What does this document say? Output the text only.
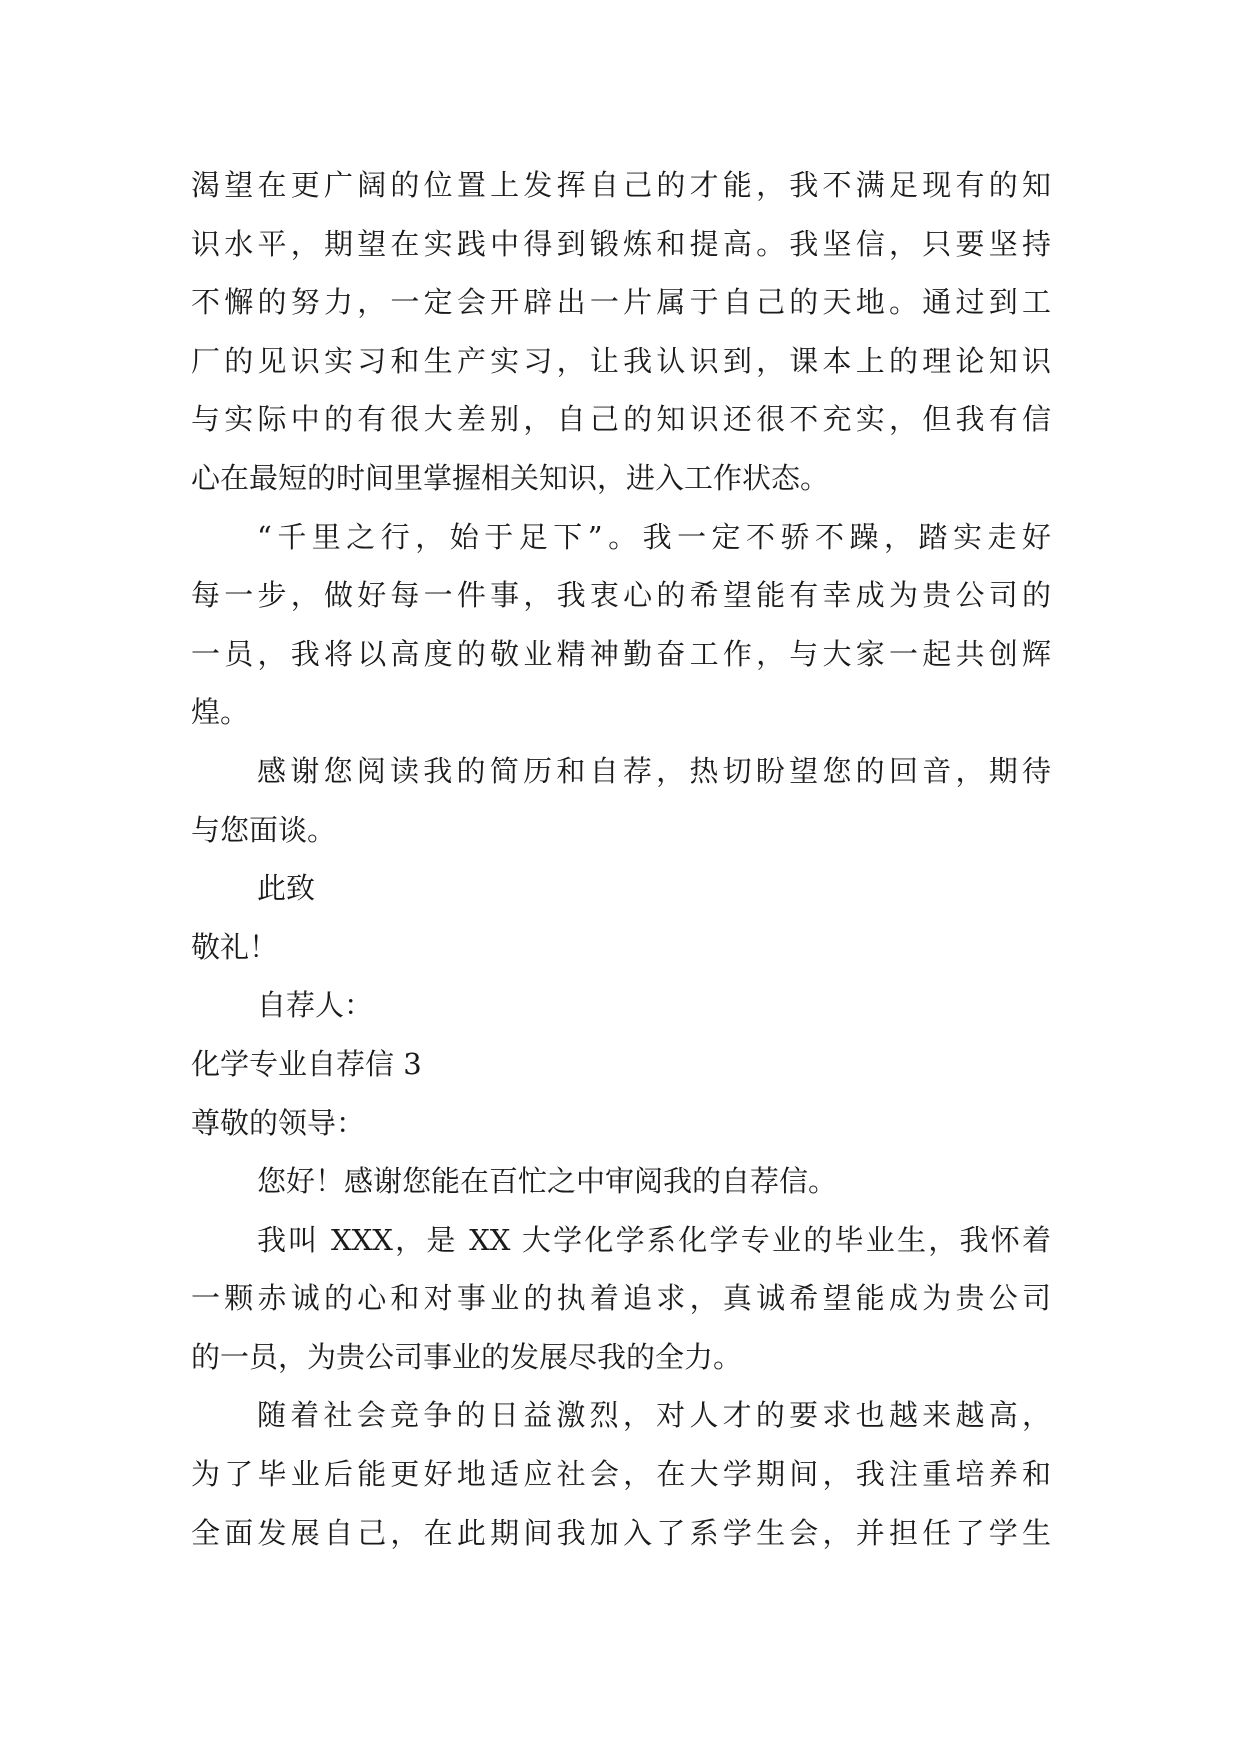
渴望在更广阔的位置上发挥自己的才能，我不满足现有的知
识水平，期望在实践中得到锻炼和提高。我坚信，只要坚持
不懈的努力，一定会开辟出一片属于自己的天地。通过到工
厂的见识实习和生产实习，让我认识到，课本上的理论知识
与实际中的有很大差别，自己的知识还很不充实，但我有信
心在最短的时间里掌握相关知识，进入工作状态。
“千里之行，始于足下”。我一定不骄不躁，踏实走好
每一步，做好每一件事，我衷心的希望能有幸成为贵公司的
一员，我将以高度的敬业精神勤奋工作，与大家一起共创辉
煌。
感谢您阅读我的简历和自荐，热切盼望您的回音，期待
与您面谈。
此致
敬礼！
自荐人：
化学专业自荐信 3
尊敬的领导：
您好！感谢您能在百忙之中审阅我的自荐信。
我叫 XXX，是 XX 大学化学系化学专业的毕业生，我怀着
一颗赤诚的心和对事业的执着追求，真诚希望能成为贵公司
的一员，为贵公司事业的发展尽我的全力。
随着社会竞争的日益激烈，对人才的要求也越来越高，
为了毕业后能更好地适应社会，在大学期间，我注重培养和
全面发展自己，在此期间我加入了系学生会，并担任了学生
